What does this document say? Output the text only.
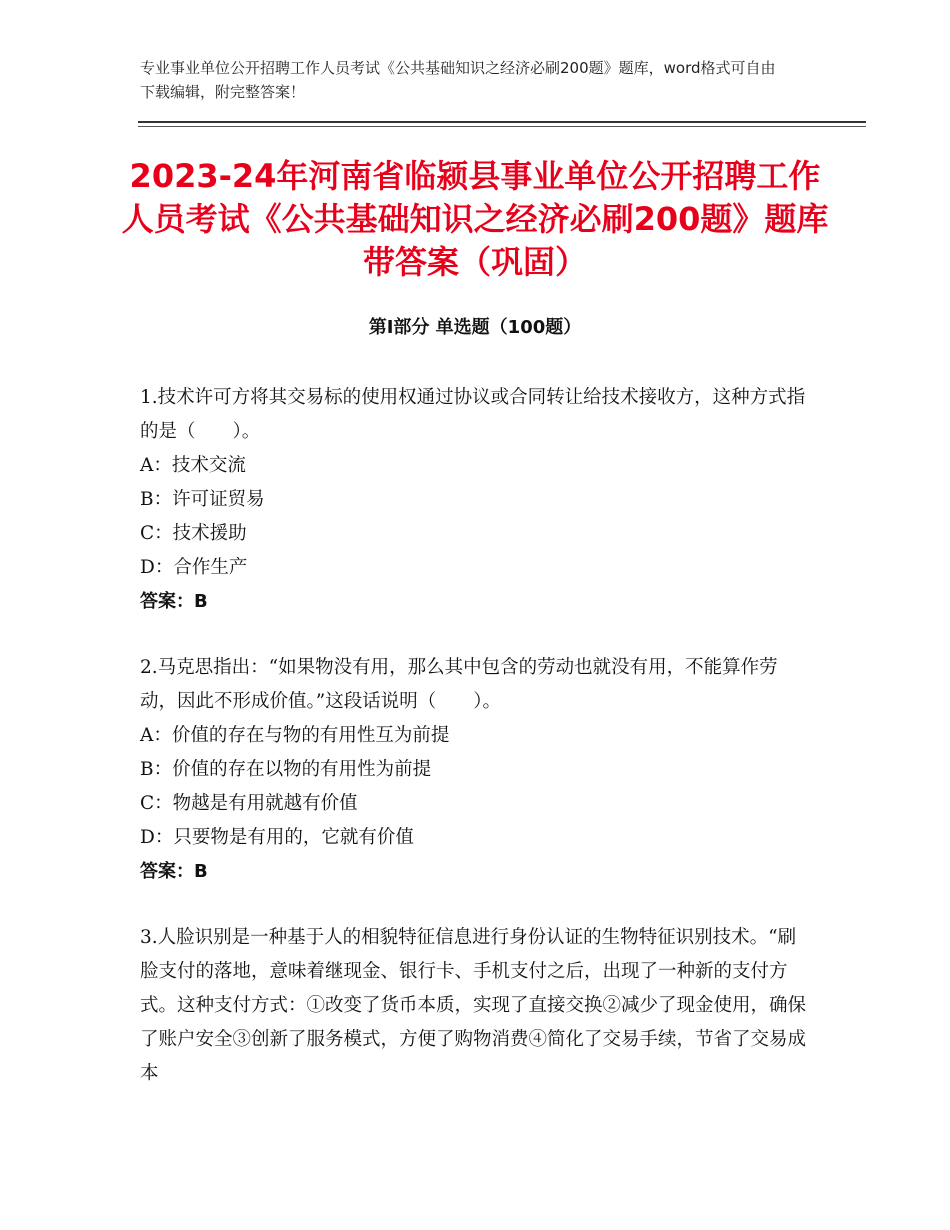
专业事业单位公开招聘工作人员考试《公共基础知识之经济必刷200题》题库，word格式可自由下载编辑，附完整答案！
2023-24年河南省临颍县事业单位公开招聘工作人员考试《公共基础知识之经济必刷200题》题库带答案（巩固）
第I部分 单选题（100题）

1.技术许可方将其交易标的使用权通过协议或合同转让给技术接收方，这种方式指的是（　　）。

A：技术交流

B：许可证贸易

C：技术援助

D：合作生产

答案：B

2.马克思指出：“如果物没有用，那么其中包含的劳动也就没有用，不能算作劳动，因此不形成价值。”这段话说明（　　）。

A：价值的存在与物的有用性互为前提

B：价值的存在以物的有用性为前提

C：物越是有用就越有价值

D：只要物是有用的，它就有价值

答案：B

3.人脸识别是一种基于人的相貌特征信息进行身份认证的生物特征识别技术。“刷脸支付的落地，意味着继现金、银行卡、手机支付之后，出现了一种新的支付方式。这种支付方式：①改变了货币本质，实现了直接交换②减少了现金使用，确保了账户安全③创新了服务模式，方便了购物消费④简化了交易手续，节省了交易成本
